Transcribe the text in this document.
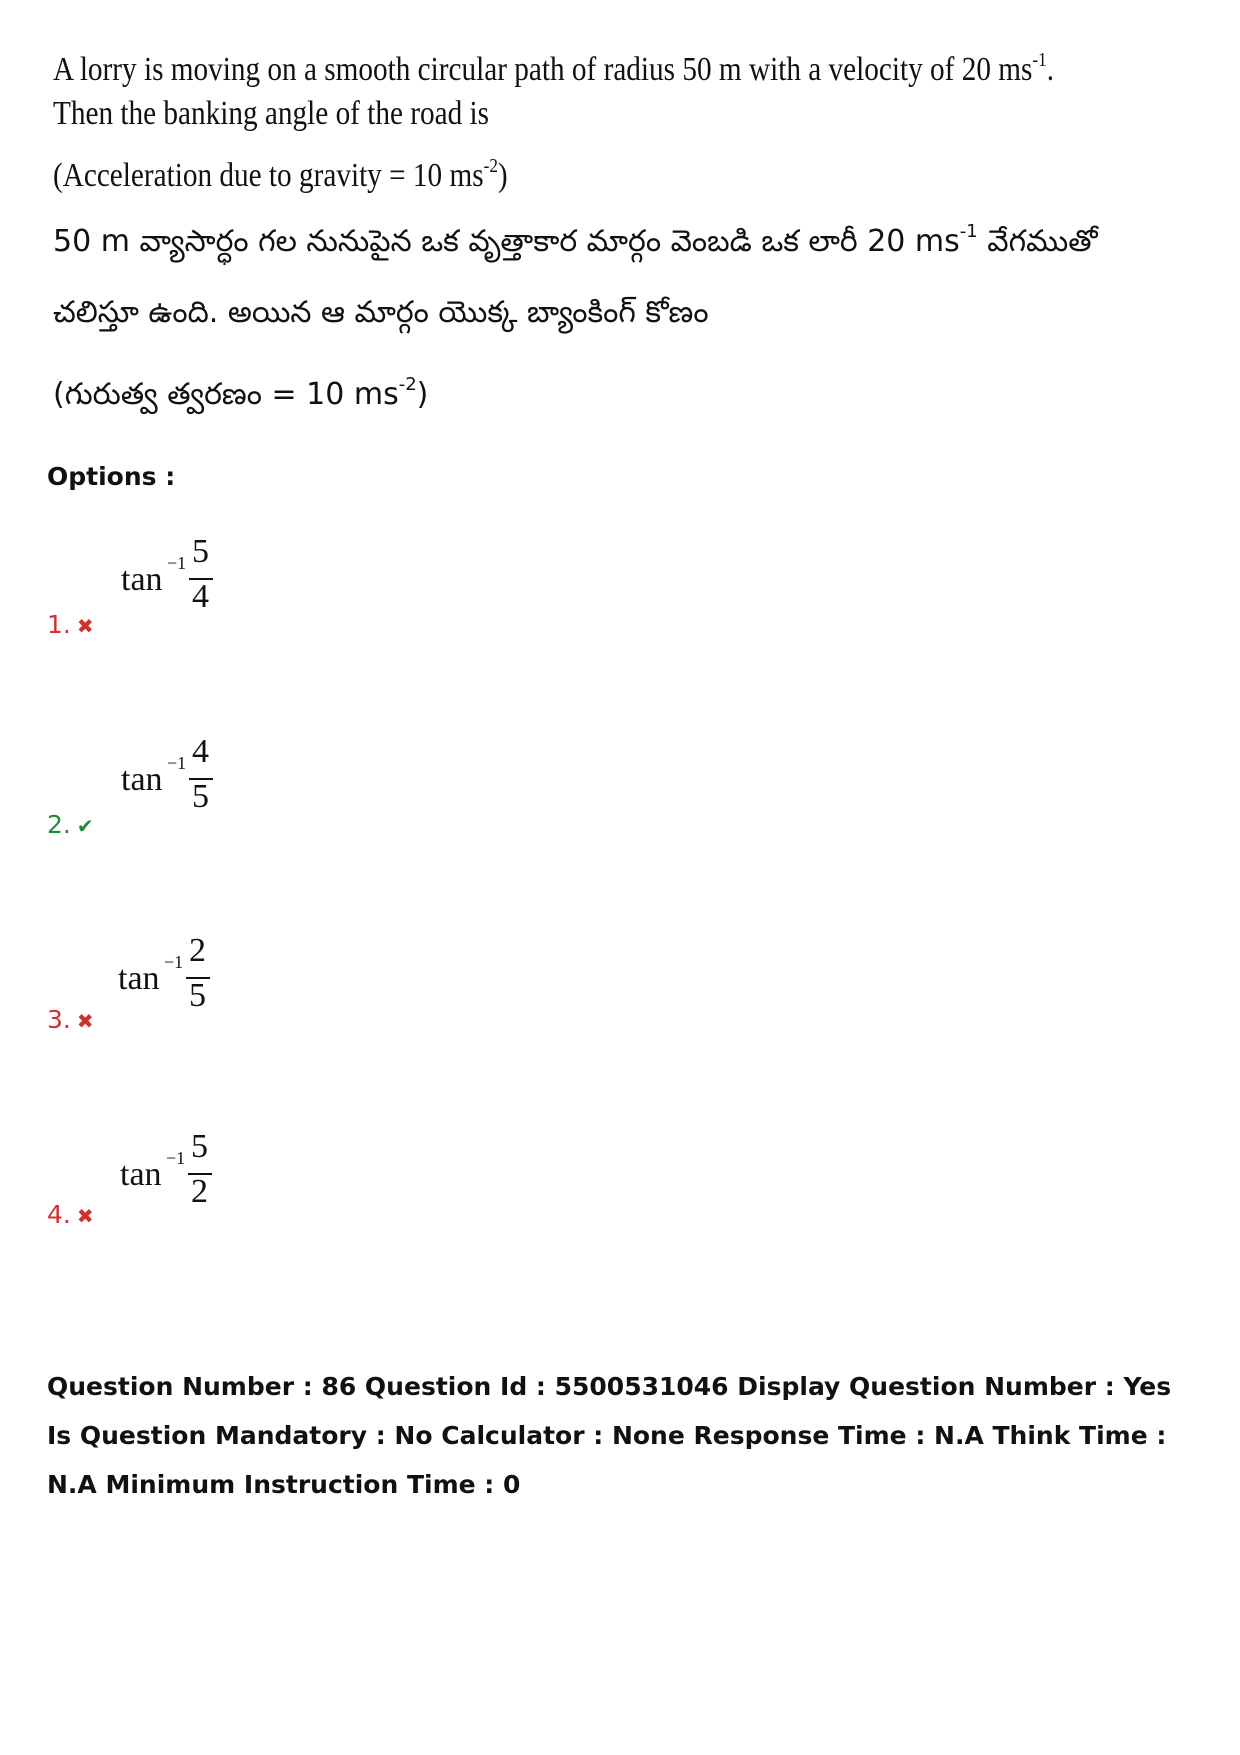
A lorry is moving on a smooth circular path of radius 50 m with a velocity of 20 $ms^{-1}$.
Then the banking angle of the road is
(Acceleration due to gravity = 10 $ms^{-2}$)
50 m వ్యాసార్ధం గల నునుపైన ఒక వృత్తాకార మార్గం వెంబడి ఒక లారీ 20 $ms^{-1}$ వేగముతో
చలిస్తూ ఉంది. అయిన ఆ మార్గం యొక్క బ్యాంకింగ్ కోణం
(గురుత్వ త్వరణం = 10 $ms^{-2}$)
Options :
tan −1 5
4
1. ✖
tan −1 4
5
2. ✔
tan −1 2
5
3. ✖
tan −1 5
2
4. ✖
Question Number : 86 Question Id : 5500531046 Display Question Number : Yes Is Question Mandatory : No Calculator : None Response Time : N.A Think Time : N.A Minimum Instruction Time : 0
